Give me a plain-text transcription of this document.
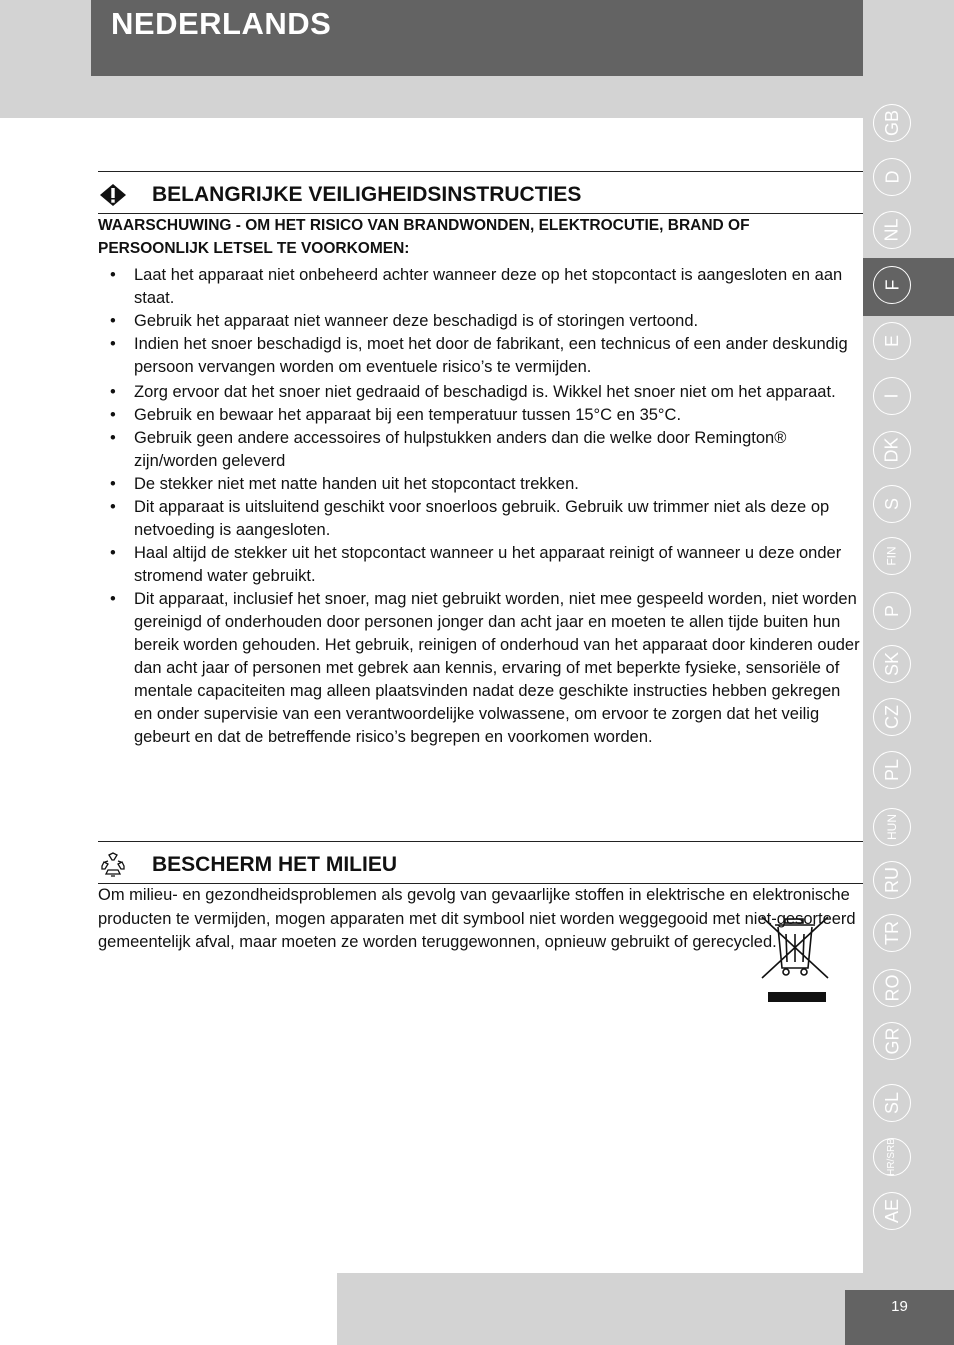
NEDERLANDS
GB
D
NL
F
E
I
DK
S
FIN
P
SK
CZ
PL
HUN
RU
TR
RO
GR
SL
HR/SRB
AE
19
BELANGRIJKE VEILIGHEIDSINSTRUCTIES
WAARSCHUWING - OM HET RISICO VAN BRANDWONDEN, ELEKTROCUTIE, BRAND OF PERSOONLIJK LETSEL TE VOORKOMEN:
• Laat het apparaat niet onbeheerd achter wanneer deze op het stopcontact is aangesloten en aan staat.
• Gebruik het apparaat niet wanneer deze beschadigd is of storingen vertoond.
• Indien het snoer beschadigd is, moet het door de fabrikant, een technicus of een ander deskundig persoon vervangen worden om eventuele risico’s te vermijden.
• Zorg ervoor dat het snoer niet gedraaid of beschadigd is. Wikkel het snoer niet om het apparaat.
• Gebruik en bewaar het apparaat bij een temperatuur tussen 15°C en 35°C.
• Gebruik geen andere accessoires of hulpstukken anders dan die welke door Remington® zijn/worden geleverd
• De stekker niet met natte handen uit het stopcontact trekken.
• Dit apparaat is uitsluitend geschikt voor snoerloos gebruik. Gebruik uw trimmer niet als deze op netvoeding is aangesloten.
• Haal altijd de stekker uit het stopcontact wanneer u het apparaat reinigt of wanneer u deze onder stromend water gebruikt.
• Dit apparaat, inclusief het snoer, mag niet gebruikt worden, niet mee gespeeld worden, niet worden gereinigd of onderhouden door personen jonger dan acht jaar en moeten te allen tijde buiten hun bereik worden gehouden. Het gebruik, reinigen of onderhoud van het apparaat door kinderen ouder dan acht jaar of personen met gebrek aan kennis, ervaring of met beperkte fysieke, sensoriële of mentale capaciteiten mag alleen plaatsvinden nadat deze geschikte instructies hebben gekregen en onder supervisie van een verantwoordelijke volwassene, om ervoor te zorgen dat het veilig gebeurt en dat de betreffende risico’s begrepen en voorkomen worden.
BESCHERM HET MILIEU
Om milieu- en gezondheidsproblemen als gevolg van gevaarlijke stoffen in elektrische en elektronische producten te vermijden, mogen apparaten met dit symbool niet worden weggegooid met niet-gesorteerd gemeentelijk afval, maar moeten ze worden teruggewonnen, opnieuw gebruikt of gerecycled.
